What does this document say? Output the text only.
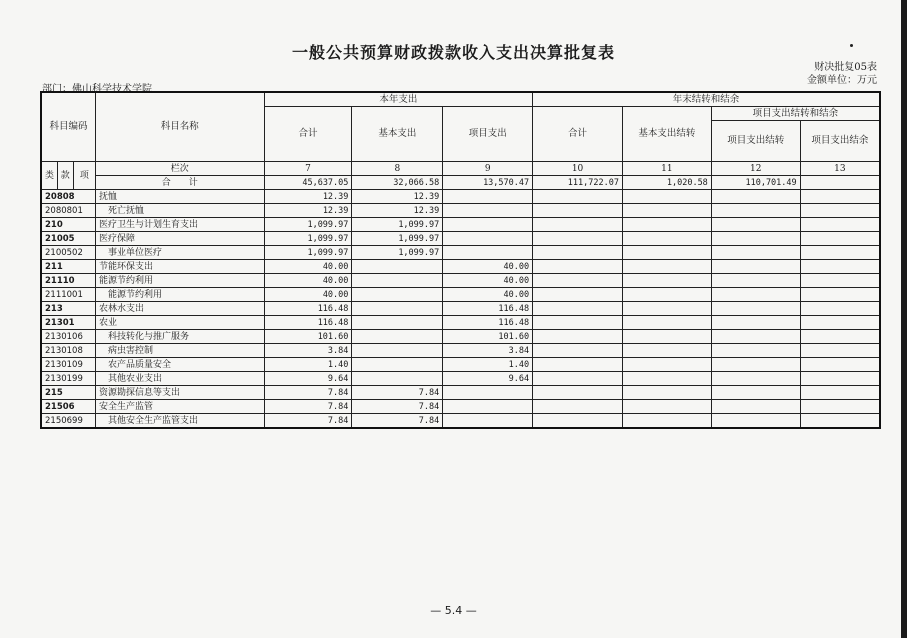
一般公共预算财政拨款收入支出决算批复表
财决批复05表
金额单位：万元
部门：佛山科学技术学院
科目编码			科目名称	本年支出			年末结转和结余			
				合计	基本支出	项目支出	合计	基本支出结转	项目支出结转和结余	
									项目支出结转	项目支出结余
类	款	项	栏次	7	8	9	10	11	12	13
			合　　计	45,637.05	32,066.58	13,570.47	111,722.07	1,020.58	110,701.49	
20808			抚恤	12.39	12.39					
2080801			死亡抚恤	12.39	12.39					
210			医疗卫生与计划生育支出	1,099.97	1,099.97					
21005			医疗保障	1,099.97	1,099.97					
2100502			事业单位医疗	1,099.97	1,099.97					
211			节能环保支出	40.00		40.00				
21110			能源节约利用	40.00		40.00				
2111001			能源节约利用	40.00		40.00				
213			农林水支出	116.48		116.48				
21301			农业	116.48		116.48				
2130106			科技转化与推广服务	101.60		101.60				
2130108			病虫害控制	3.84		3.84				
2130109			农产品质量安全	1.40		1.40				
2130199			其他农业支出	9.64		9.64				
215			资源勘探信息等支出	7.84	7.84					
21506			安全生产监管	7.84	7.84					
2150699			其他安全生产监管支出	7.84	7.84					
— 5.4 —
